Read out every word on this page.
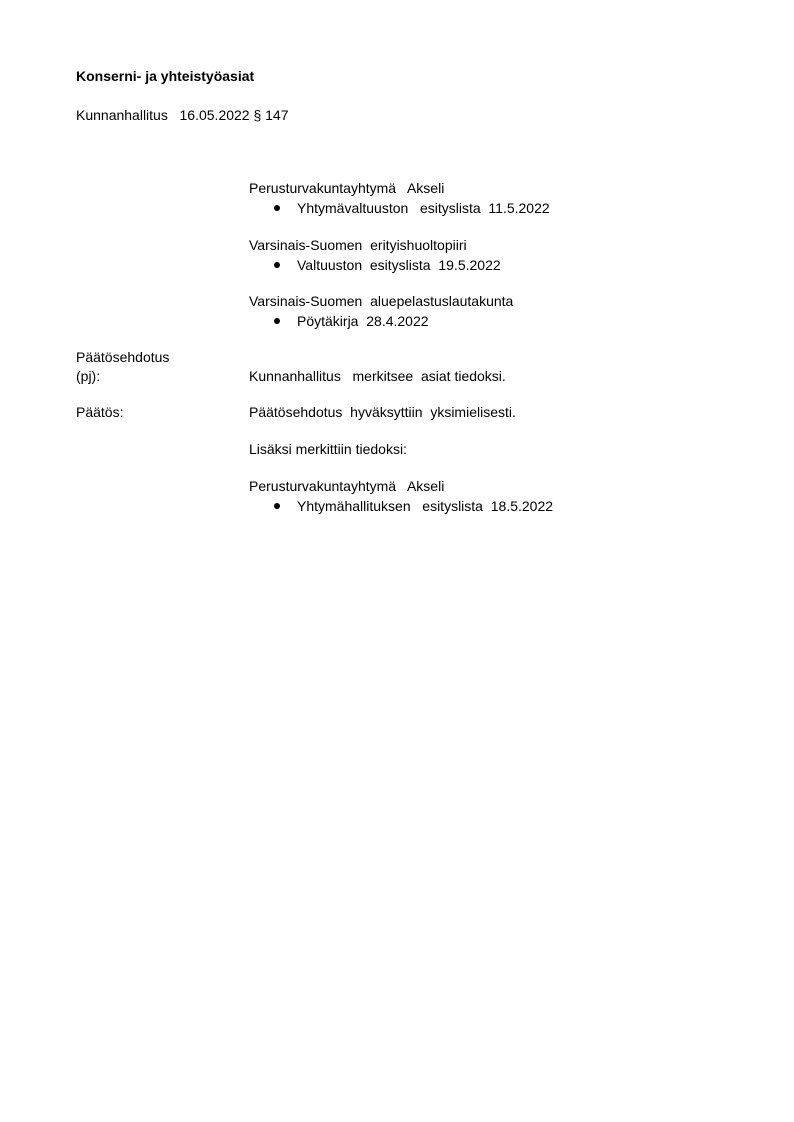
Konserni- ja yhteistyöasiat
Kunnanhallitus   16.05.2022 § 147
Perusturvakuntayhtymä   Akseli
Yhtymävaltuuston   esityslista  11.5.2022
Varsinais-Suomen  erityishuoltopiiri
Valtuuston  esityslista  19.5.2022
Varsinais-Suomen  aluepelastuslautakunta
Pöytäkirja  28.4.2022
Päätösehdotus
(pj):	Kunnanhallitus   merkitsee  asiat tiedoksi.
Päätös:	Päätösehdotus  hyväksyttiin  yksimielisesti.
Lisäksi merkittiin tiedoksi:
Perusturvakuntayhtymä   Akseli
Yhtymähallituksen   esityslista  18.5.2022
